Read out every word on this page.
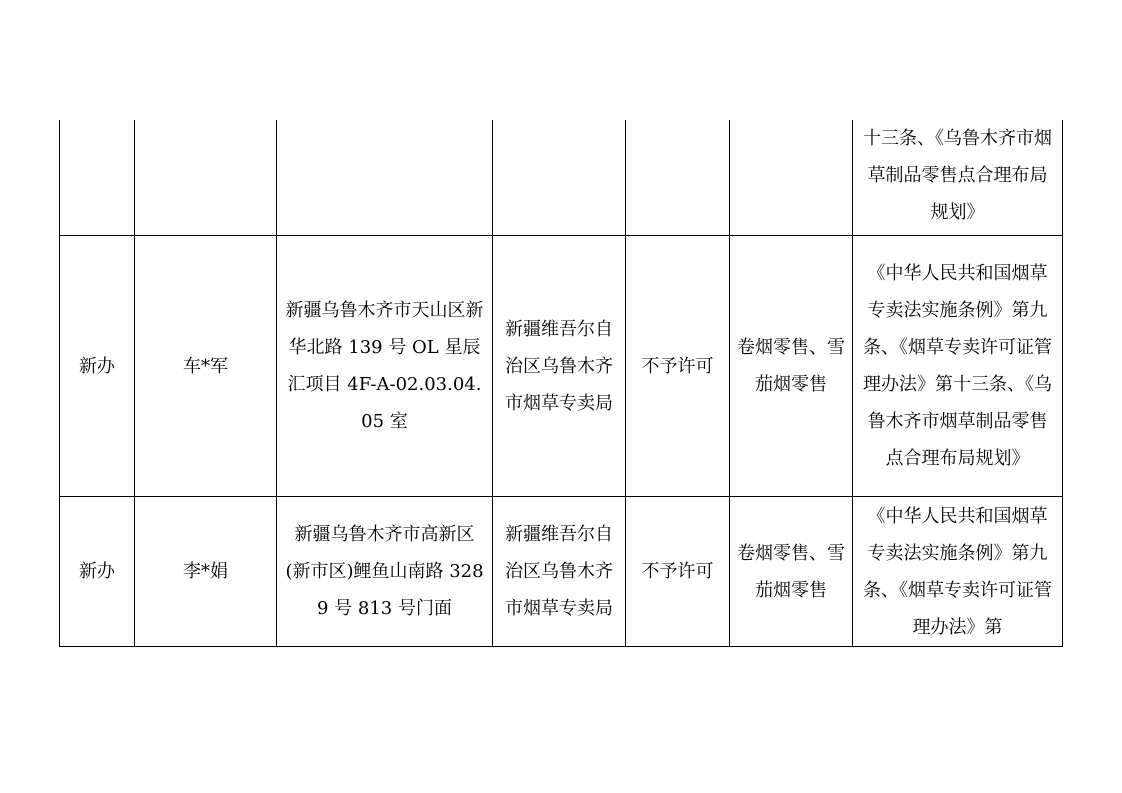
						十三条、《乌鲁木齐市烟草制品零售点合理布局规划》

新办	车*军	新疆乌鲁木齐市天山区新华北路 139 号 OL 星辰汇项目 4F-A-02.03.04.05 室	新疆维吾尔自治区乌鲁木齐市烟草专卖局	不予许可	卷烟零售、雪茄烟零售	《中华人民共和国烟草专卖法实施条例》第九条、《烟草专卖许可证管理办法》第十三条、《乌鲁木齐市烟草制品零售点合理布局规划》

新办	李*娟	新疆乌鲁木齐市高新区(新市区)鲤鱼山南路 3289 号 813 号门面	新疆维吾尔自治区乌鲁木齐市烟草专卖局	不予许可	卷烟零售、雪茄烟零售	《中华人民共和国烟草专卖法实施条例》第九条、《烟草专卖许可证管理办法》第
